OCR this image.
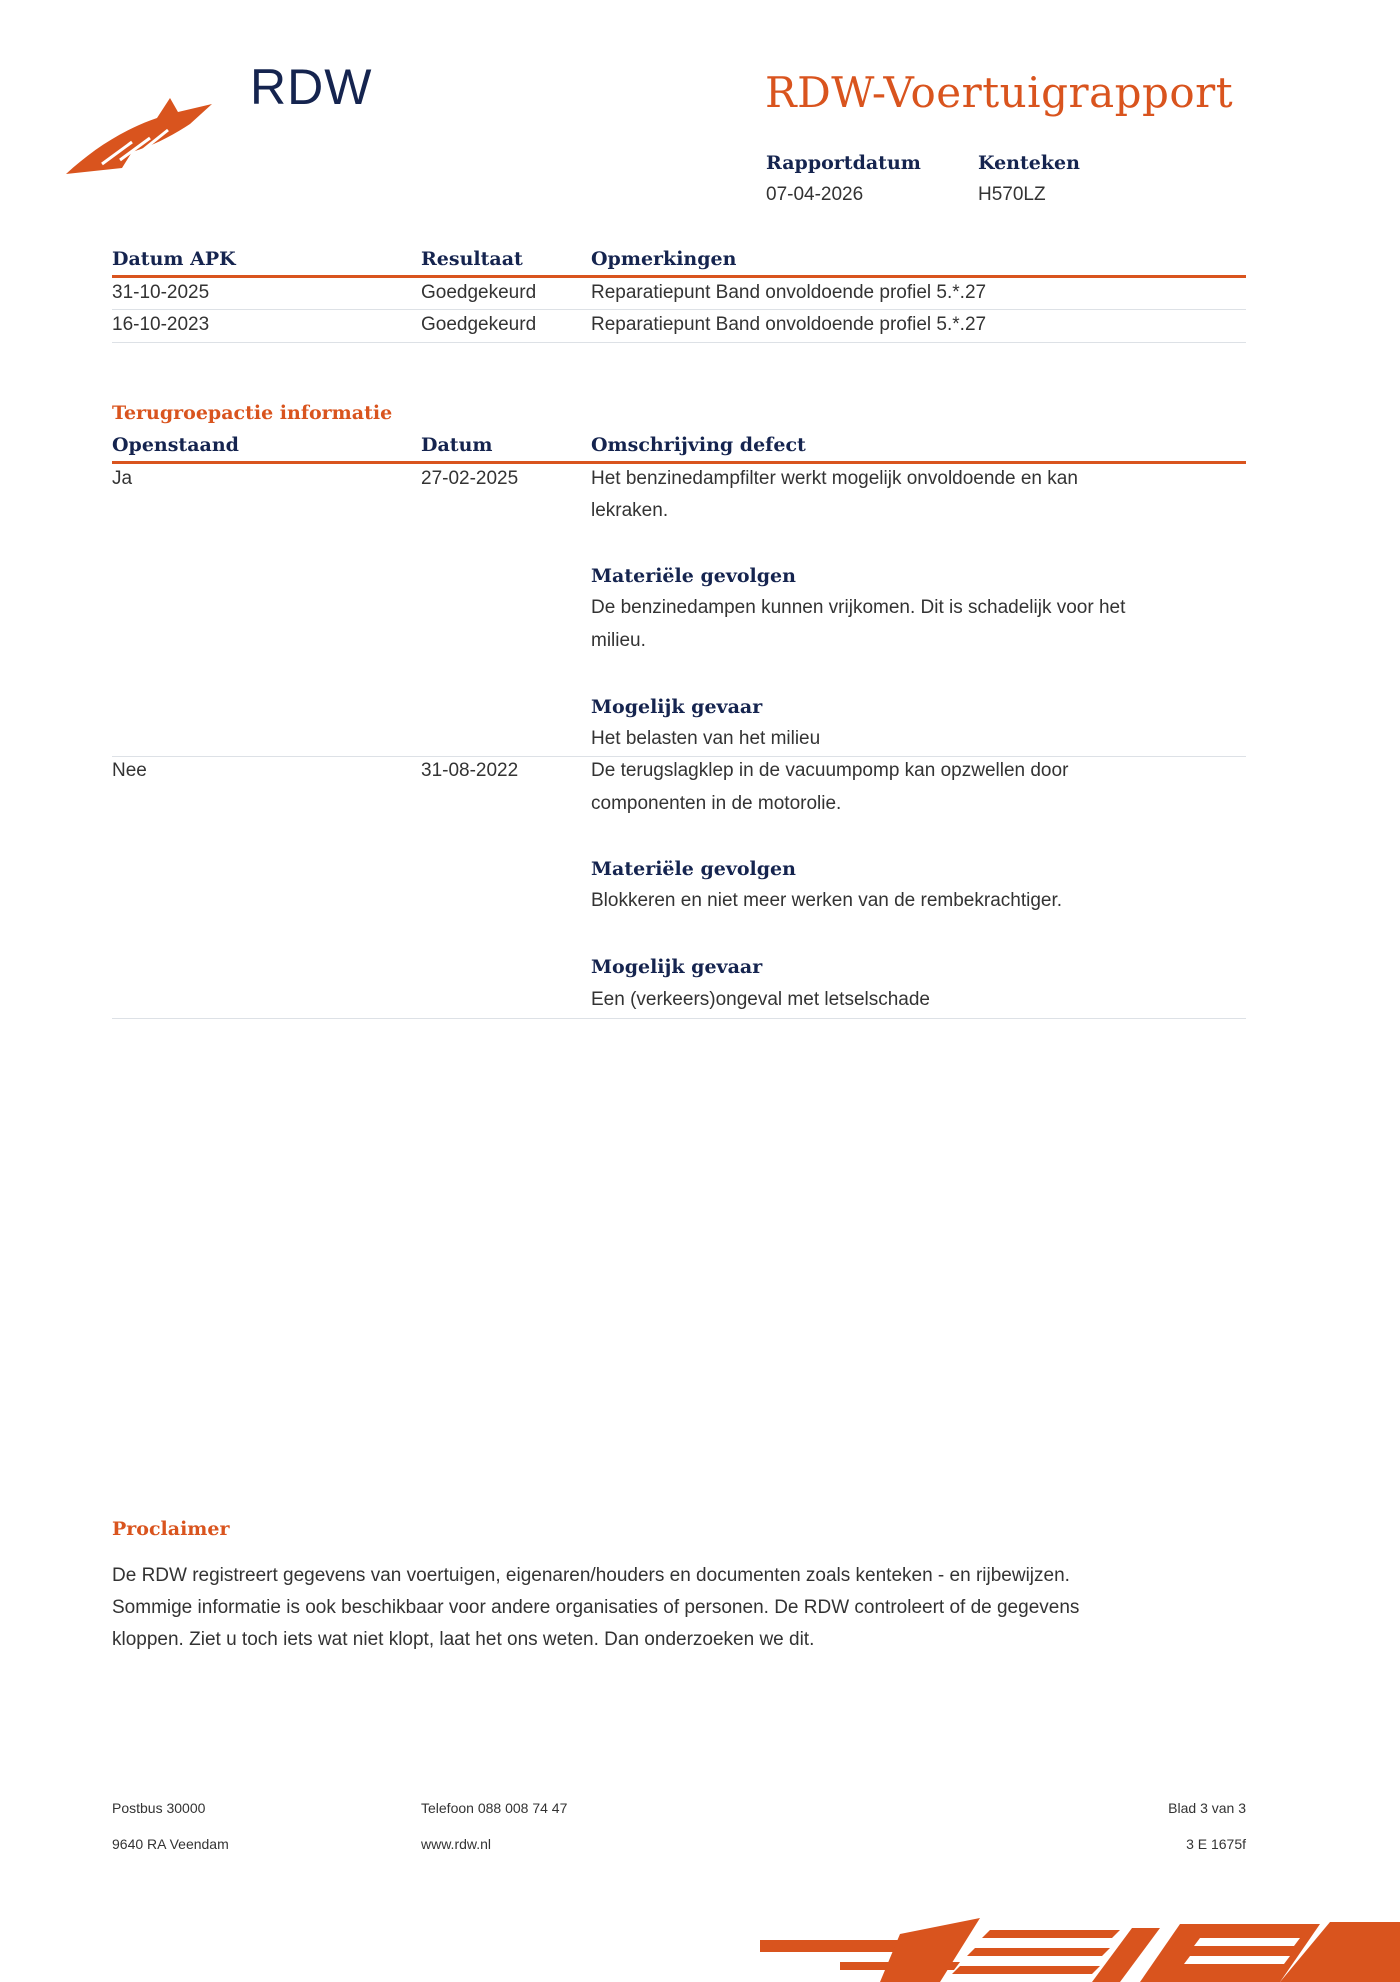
RDW	RDW-Voertuigrapport
Rapportdatum
07-04-2026
Kenteken
H570LZ
Datum APK	Resultaat	Opmerkingen
31-10-2025	Goedgekeurd	Reparatiepunt Band onvoldoende profiel 5.*.27
16-10-2023	Goedgekeurd	Reparatiepunt Band onvoldoende profiel 5.*.27
Terugroepactie informatie
Openstaand	Datum	Omschrijving defect
Ja	27-02-2025	Het benzinedampfilter werkt mogelijk onvoldoende en kan
lekraken.
Materiële gevolgen
De benzinedampen kunnen vrijkomen. Dit is schadelijk voor het
milieu.
Mogelijk gevaar
Het belasten van het milieu
Nee	31-08-2022	De terugslagklep in de vacuumpomp kan opzwellen door
componenten in de motorolie.
Materiële gevolgen
Blokkeren en niet meer werken van de rembekrachtiger.
Mogelijk gevaar
Een (verkeers)ongeval met letselschade
Proclaimer
De RDW registreert gegevens van voertuigen, eigenaren/houders en documenten zoals kenteken - en rijbewijzen.
Sommige informatie is ook beschikbaar voor andere organisaties of personen. De RDW controleert of de gegevens
kloppen. Ziet u toch iets wat niet klopt, laat het ons weten. Dan onderzoeken we dit.
Postbus 30000
9640 RA Veendam
Telefoon 088 008 74 47
www.rdw.nl
Blad 3 van 3
3 E 1675f
